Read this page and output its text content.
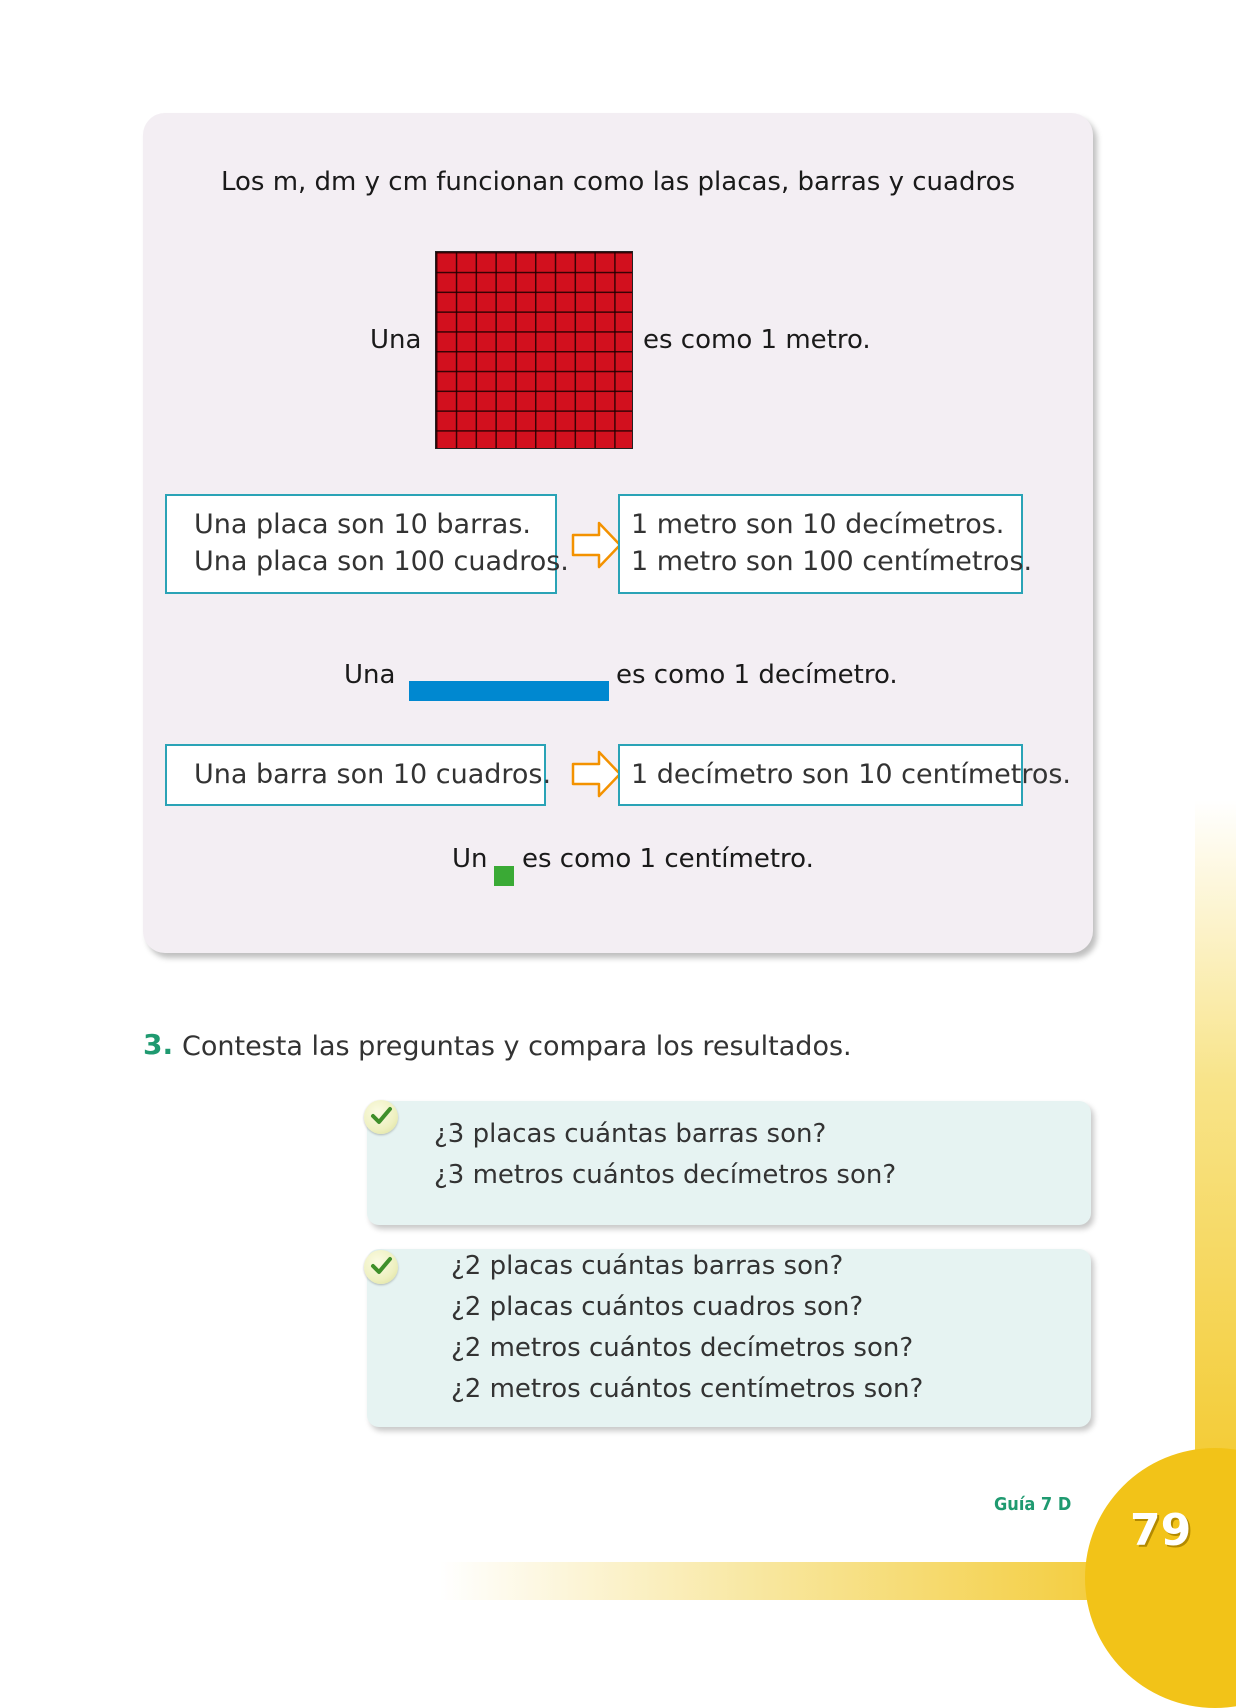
79
Guía 7 D
Los m, dm y cm funcionan como las placas, barras y cuadros
Una	es como 1 metro.
Una placa son 10 barras.
Una placa son 100 cuadros.
1 metro son 10 decímetros.
1 metro son 100 centímetros.
Una	es como 1 decímetro.
Una barra son 10 cuadros.	1 decímetro son 10 centímetros.
Un es como 1 centímetro.
3. Contesta las preguntas y compara los resultados.
¿3 placas cuántas barras son?
¿3 metros cuántos decímetros son?
¿2 placas cuántas barras son?
¿2 placas cuántos cuadros son?
¿2 metros cuántos decímetros son?
¿2 metros cuántos centímetros son?
